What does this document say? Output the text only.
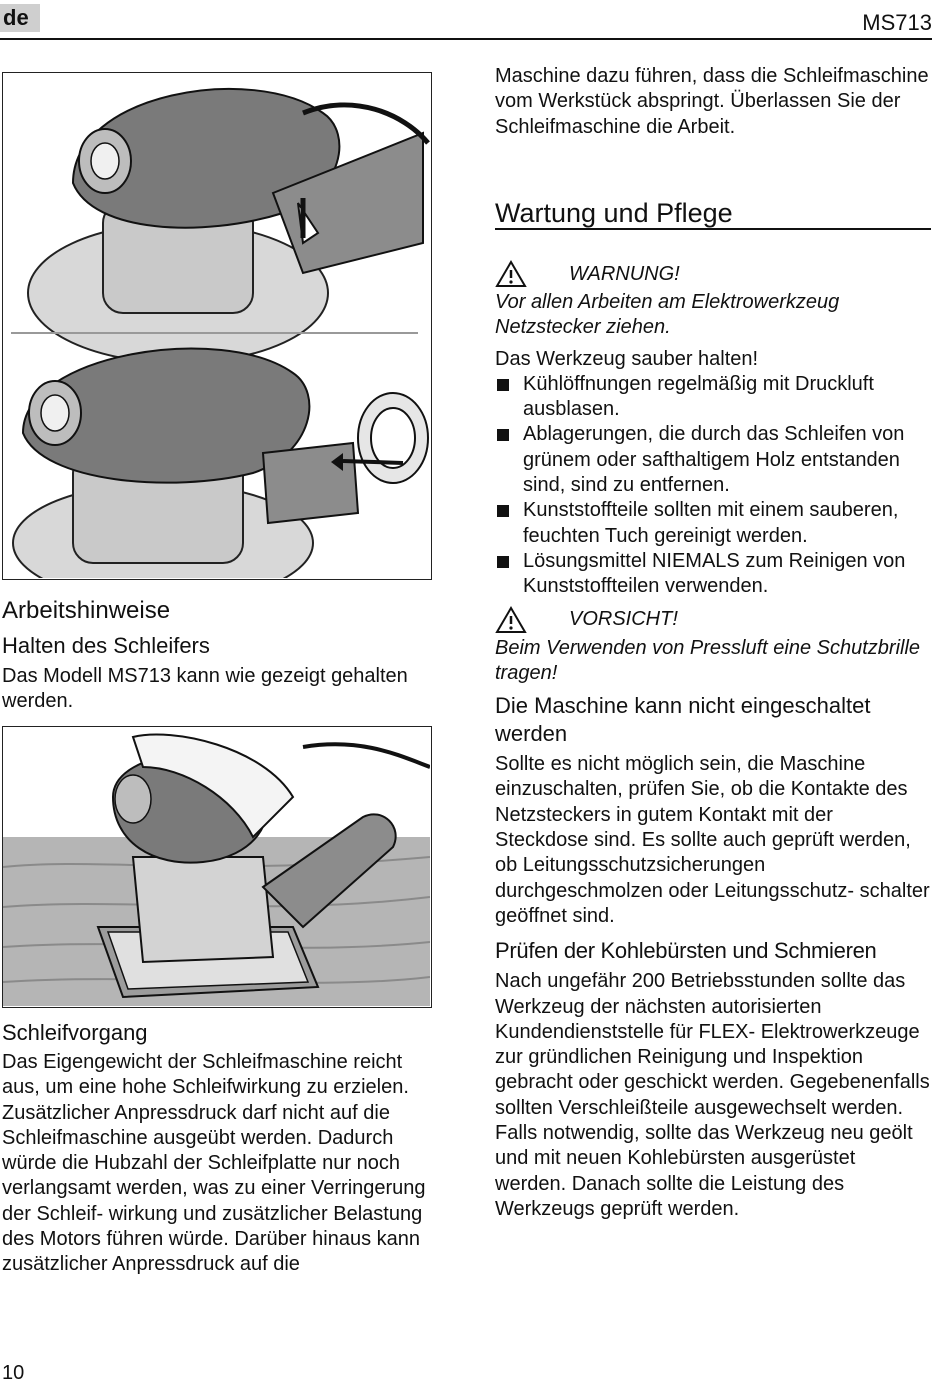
de	MS713
Arbeitshinweise
Halten des Schleifers

Das Modell MS713 kann wie gezeigt gehalten werden.

Schleifvorgang

Das Eigengewicht der Schleifmaschine reicht aus, um eine hohe Schleifwirkung zu erzielen. Zusätzlicher Anpressdruck darf nicht auf die Schleifmaschine ausgeübt werden. Dadurch würde die Hubzahl der Schleifplatte nur noch verlangsamt werden, was zu einer Verringerung der Schleif- wirkung und zusätzlicher Belastung des Motors führen würde. Darüber hinaus kann zusätzlicher Anpressdruck auf die

Maschine dazu führen, dass die Schleifmaschine vom Werkstück abspringt. Überlassen Sie der Schleifmaschine die Arbeit.

Wartung und Pflege
WARNUNG!

Vor allen Arbeiten am Elektrowerkzeug Netzstecker ziehen.

Das Werkzeug sauber halten!

Kühlöffnungen regelmäßig mit Druckluft ausblasen.
Ablagerungen, die durch das Schleifen von grünem oder safthaltigem Holz entstanden sind, sind zu entfernen.
Kunststoffteile sollten mit einem sauberen, feuchten Tuch gereinigt werden.
Lösungsmittel NIEMALS zum Reinigen von Kunststoffteilen verwenden.
VORSICHT!

Beim Verwenden von Pressluft eine Schutzbrille tragen!

Die Maschine kann nicht eingeschaltet werden

Sollte es nicht möglich sein, die Maschine einzuschalten, prüfen Sie, ob die Kontakte des Netzsteckers in gutem Kontakt mit der Steckdose sind. Es sollte auch geprüft werden, ob Leitungsschutzsicherungen durchgeschmolzen oder Leitungsschutz- schalter geöffnet sind.

Prüfen der Kohlebürsten und Schmieren

Nach ungefähr 200 Betriebsstunden sollte das Werkzeug der nächsten autorisierten Kundendienststelle für FLEX- Elektrowerkzeuge zur gründlichen Reinigung und Inspektion gebracht oder geschickt werden. Gegebenenfalls sollten Verschleißteile ausgewechselt werden. Falls notwendig, sollte das Werkzeug neu geölt und mit neuen Kohlebürsten ausgerüstet werden. Danach sollte die Leistung des Werkzeugs geprüft werden.

10
